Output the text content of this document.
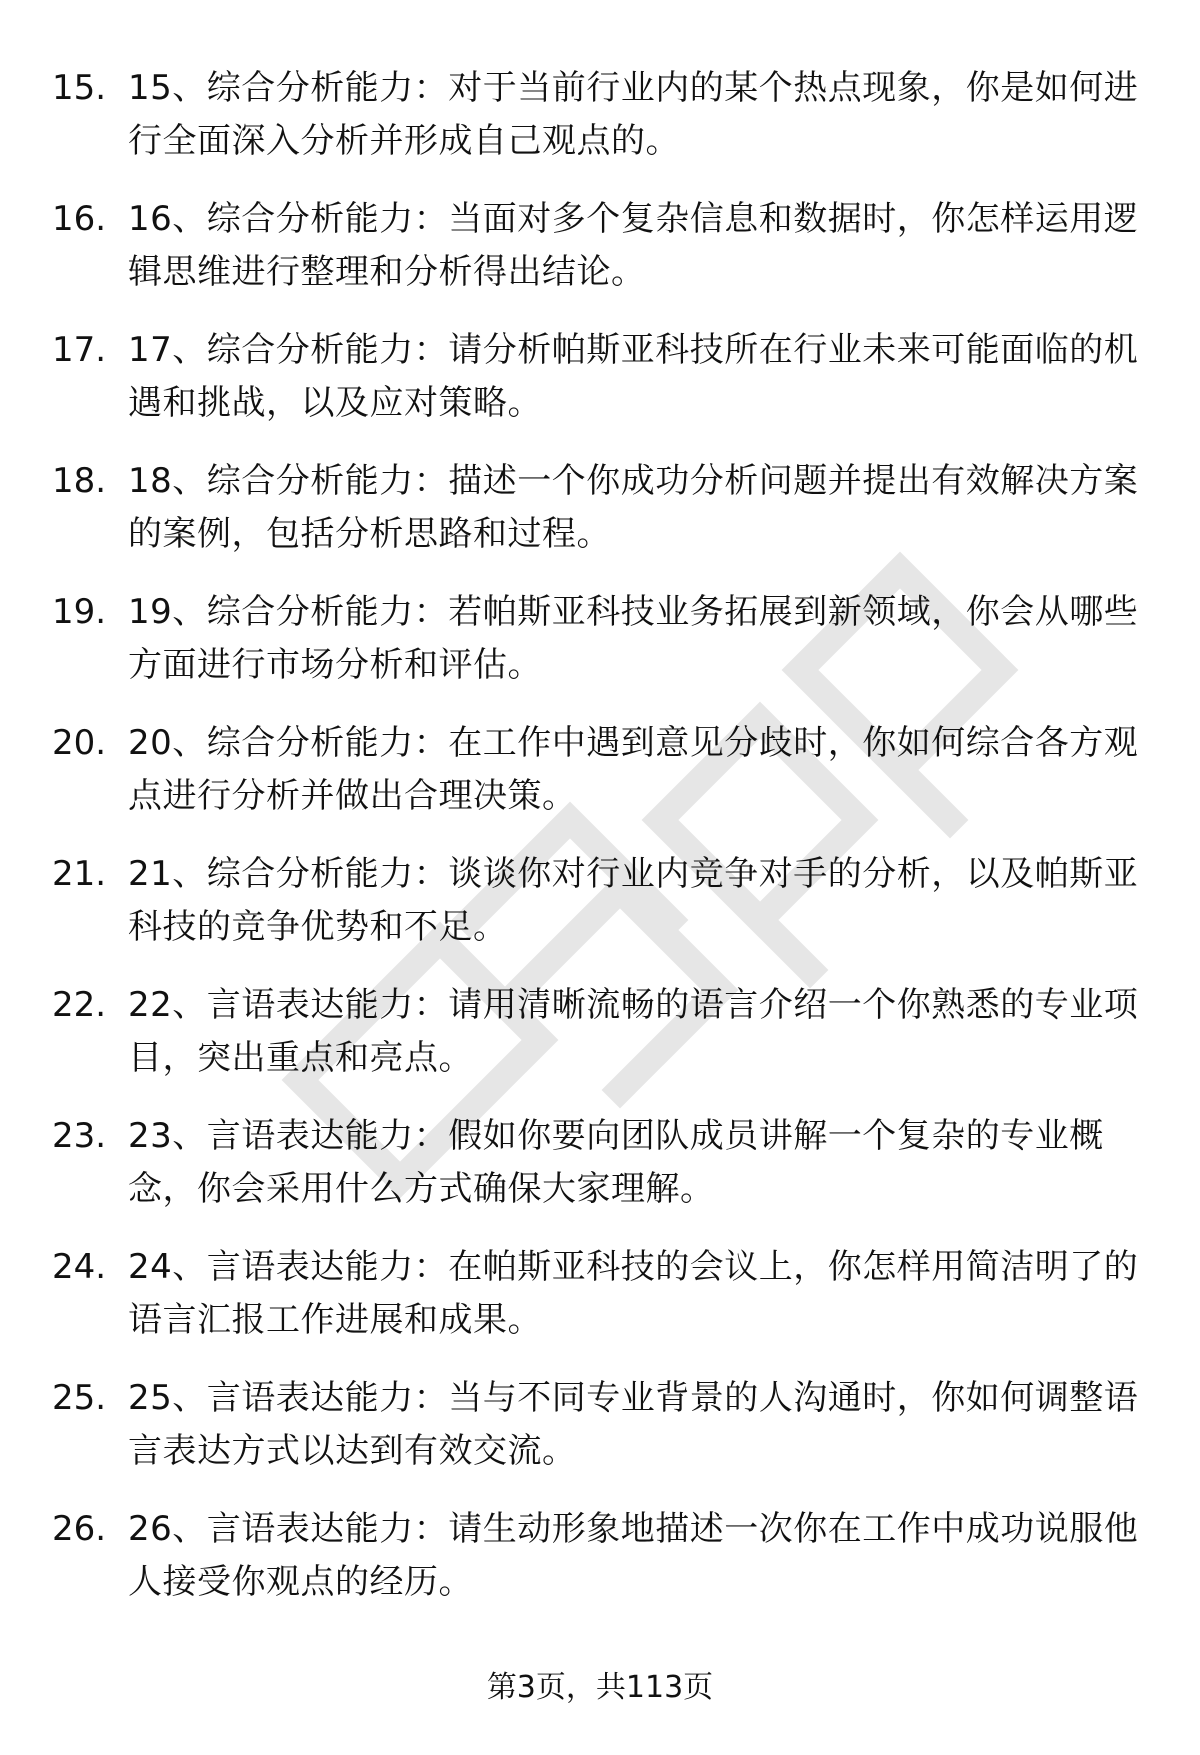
15. 15、综合分析能力：对于当前行业内的某个热点现象，你是如何进行全面深入分析并形成自己观点的。
16. 16、综合分析能力：当面对多个复杂信息和数据时，你怎样运用逻辑思维进行整理和分析得出结论。
17. 17、综合分析能力：请分析帕斯亚科技所在行业未来可能面临的机遇和挑战，以及应对策略。
18. 18、综合分析能力：描述一个你成功分析问题并提出有效解决方案的案例，包括分析思路和过程。
19. 19、综合分析能力：若帕斯亚科技业务拓展到新领域，你会从哪些方面进行市场分析和评估。
20. 20、综合分析能力：在工作中遇到意见分歧时，你如何综合各方观点进行分析并做出合理决策。
21. 21、综合分析能力：谈谈你对行业内竞争对手的分析，以及帕斯亚科技的竞争优势和不足。
22. 22、言语表达能力：请用清晰流畅的语言介绍一个你熟悉的专业项目，突出重点和亮点。
23. 23、言语表达能力：假如你要向团队成员讲解一个复杂的专业概念，你会采用什么方式确保大家理解。
24. 24、言语表达能力：在帕斯亚科技的会议上，你怎样用简洁明了的语言汇报工作进展和成果。
25. 25、言语表达能力：当与不同专业背景的人沟通时，你如何调整语言表达方式以达到有效交流。
26. 26、言语表达能力：请生动形象地描述一次你在工作中成功说服他人接受你观点的经历。
第3页，共113页
